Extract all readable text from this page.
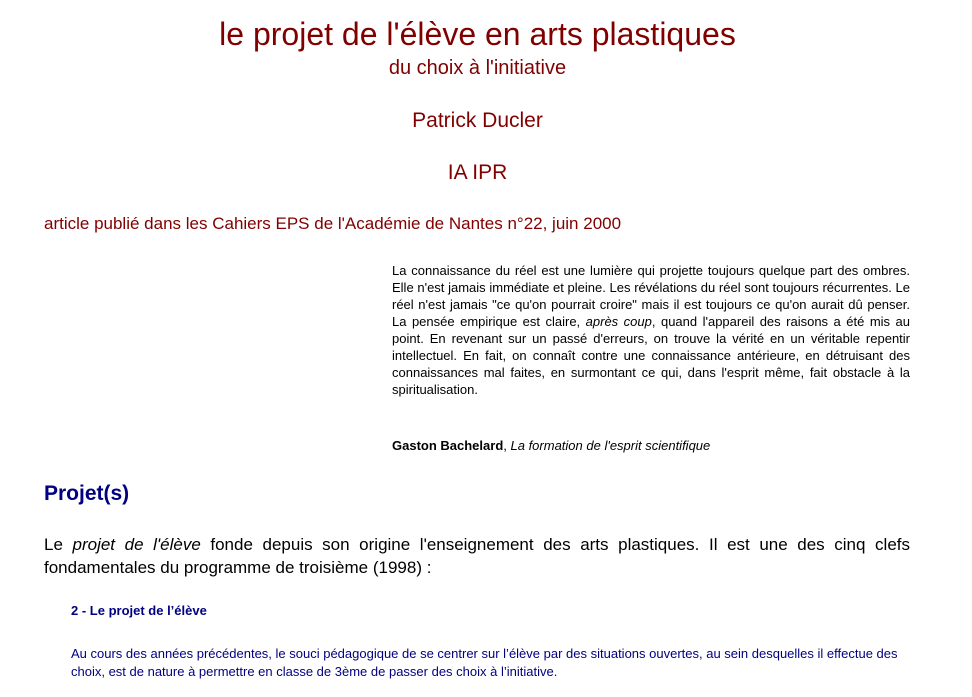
le projet de l'élève en arts plastiques
du choix à l'initiative
Patrick Ducler
IA IPR
article publié dans les Cahiers EPS de l'Académie de Nantes n°22, juin 2000

La connaissance du réel est une lumière qui projette toujours quelque part des ombres. Elle n'est jamais immédiate et pleine. Les révélations du réel sont toujours récurrentes. Le réel n'est jamais "ce qu'on pourrait croire" mais il est toujours ce qu'on aurait dû penser. La pensée empirique est claire, après coup, quand l'appareil des raisons a été mis au point. En revenant sur un passé d'erreurs, on trouve la vérité en un véritable repentir intellectuel. En fait, on connaît contre une connaissance antérieure, en détruisant des connaissances mal faites, en surmontant ce qui, dans l'esprit même, fait obstacle à la spiritualisation.

Gaston Bachelard, La formation de l'esprit scientifique
Projet(s)

Le projet de l'élève fonde depuis son origine l'enseignement des arts plastiques. Il est une des cinq clefs fondamentales du programme de troisième (1998) :

2 - Le projet de l’élève

Au cours des années précédentes, le souci pédagogique de se centrer sur l’élève par des situations ouvertes, au sein desquelles il effectue des choix, est de nature à permettre en classe de 3ème de passer des choix à l’initiative.
